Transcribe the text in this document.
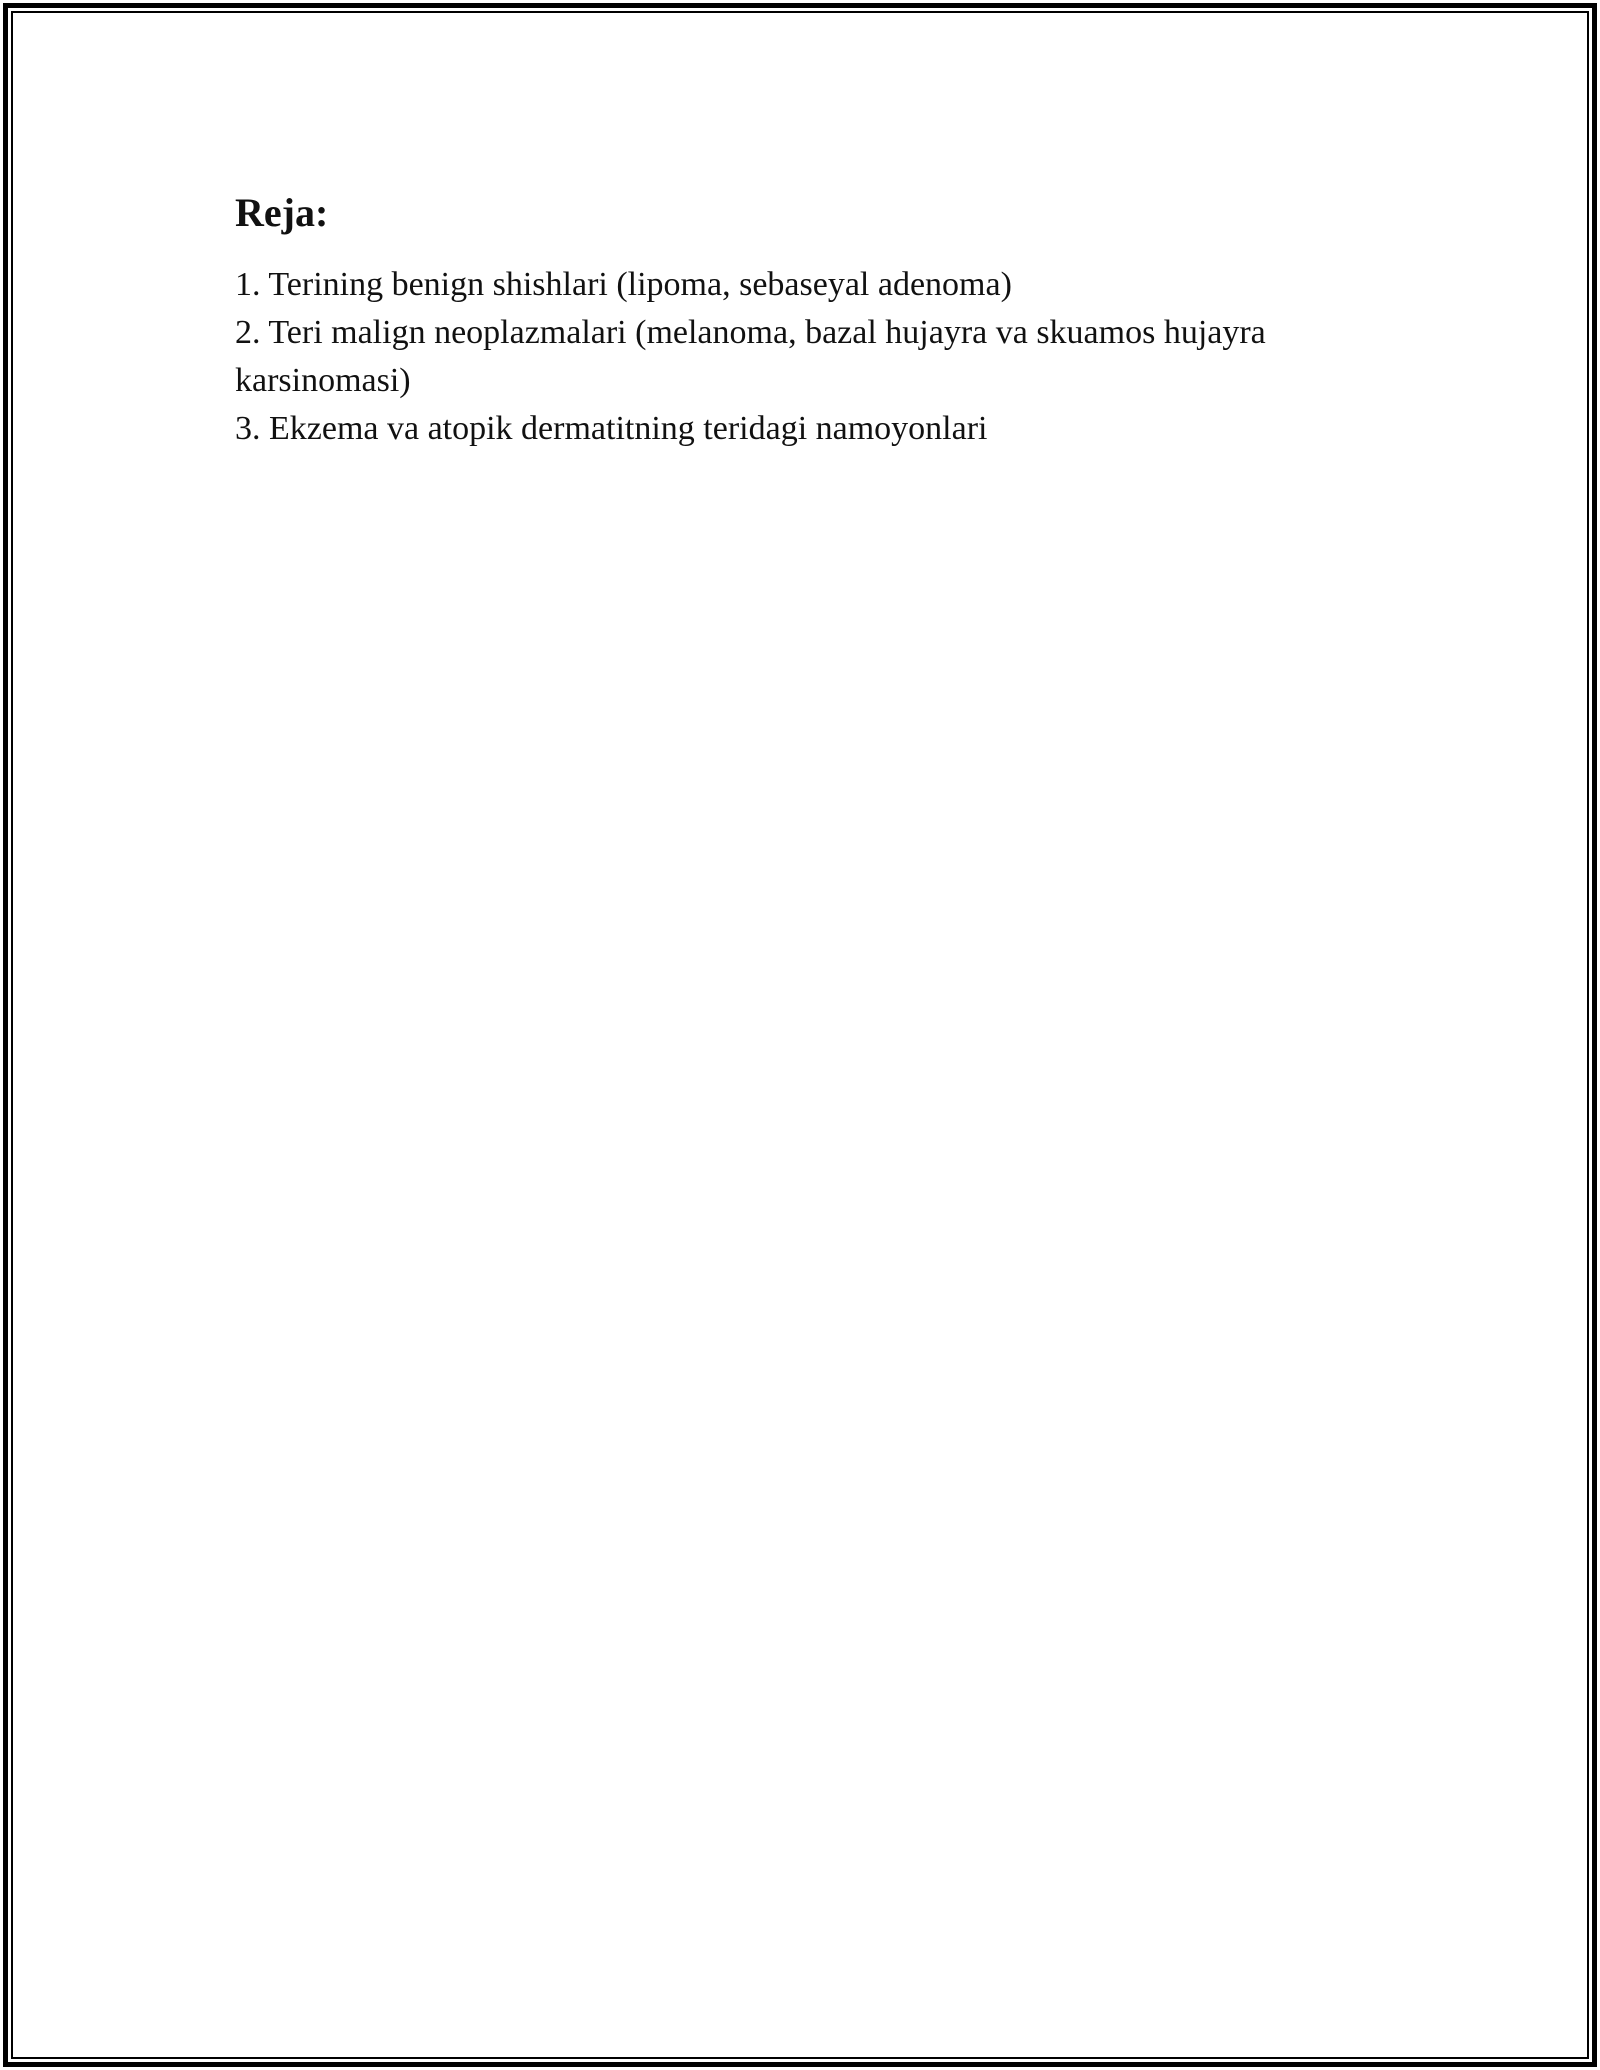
Reja:
1. Terining benign shishlari (lipoma, sebaseyal adenoma)
2. Teri malign neoplazmalari (melanoma, bazal hujayra va skuamos hujayra karsinomasi)
3. Ekzema va atopik dermatitning teridagi namoyonlari
